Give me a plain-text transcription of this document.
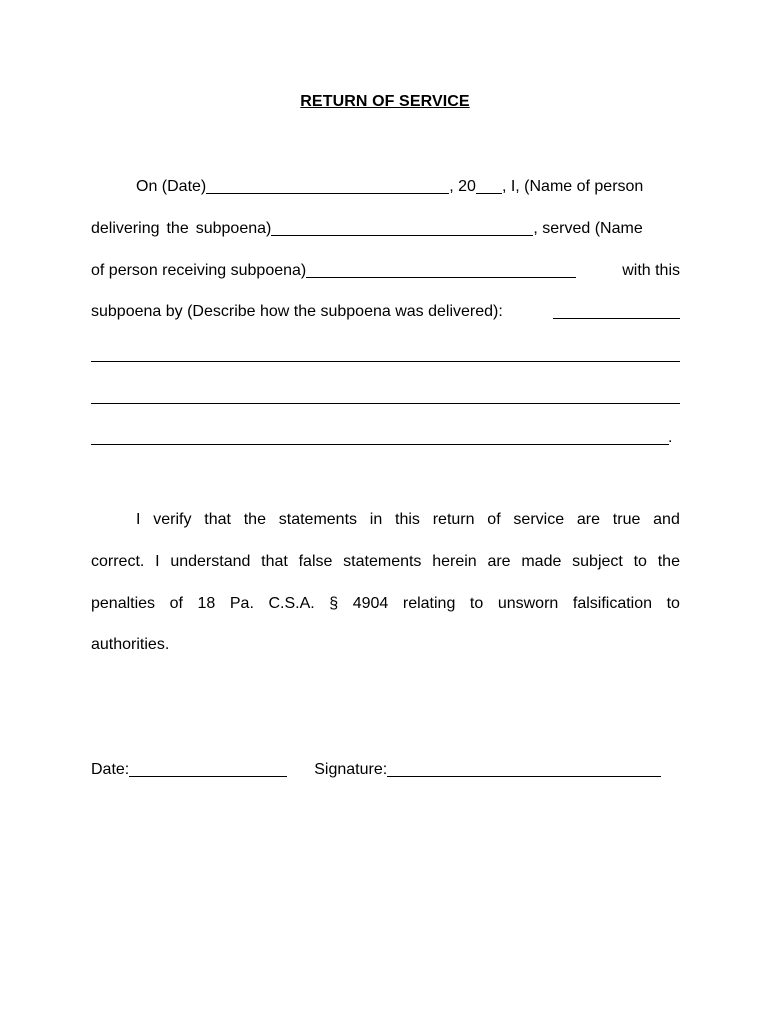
RETURN OF SERVICE
On (Date)	, 20 , I, (Name of person
delivering the subpoena)	, served (Name
of person receiving subpoena)	with this
subpoena by (Describe how the subpoena was delivered):
.
I verify that the statements in this return of service are true and
correct. I understand that false statements herein are made subject to the
penalties of 18 Pa. C.S.A. § 4904 relating to unsworn falsification to
authorities.
Date:	Signature:
